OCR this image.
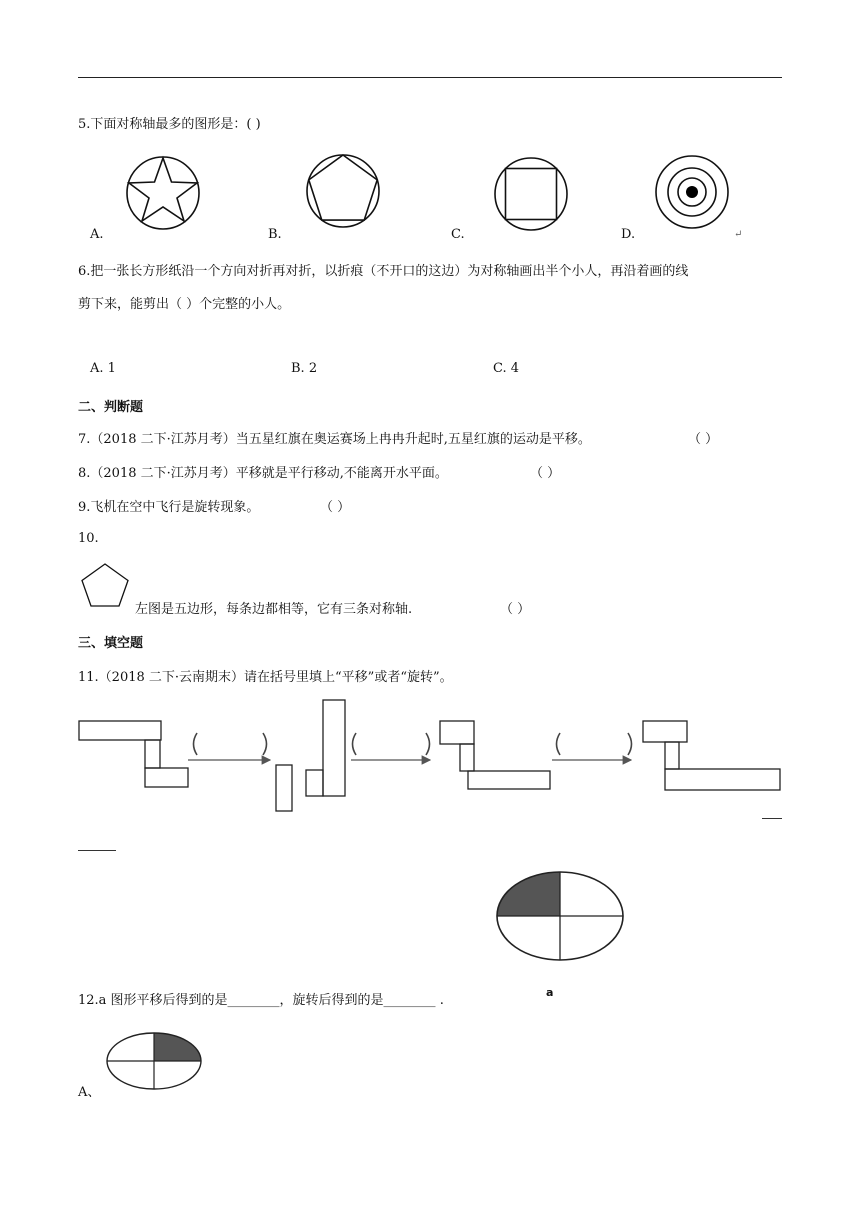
5.下面对称轴最多的图形是：( )
A.	B.	C.	D.	↵
6.把一张长方形纸沿一个方向对折再对折，以折痕（不开口的这边）为对称轴画出半个小人，再沿着画的线
剪下来，能剪出（ ）个完整的小人。
A. 1	B. 2	C. 4
二、判断题
7.（2018 二下·江苏月考）当五星红旗在奥运赛场上冉冉升起时,五星红旗的运动是平移。	（ ）
8.（2018 二下·江苏月考）平移就是平行移动,不能离开水平面。	（ ）
9.飞机在空中飞行是旋转现象。	（ ）
10.
左图是五边形，每条边都相等，它有三条对称轴.	（ ）
三、填空题
11.（2018 二下·云南期末）请在括号里填上“平移”或者“旋转”。
12.a 图形平移后得到的是________，旋转后得到的是________ .
a
A、
